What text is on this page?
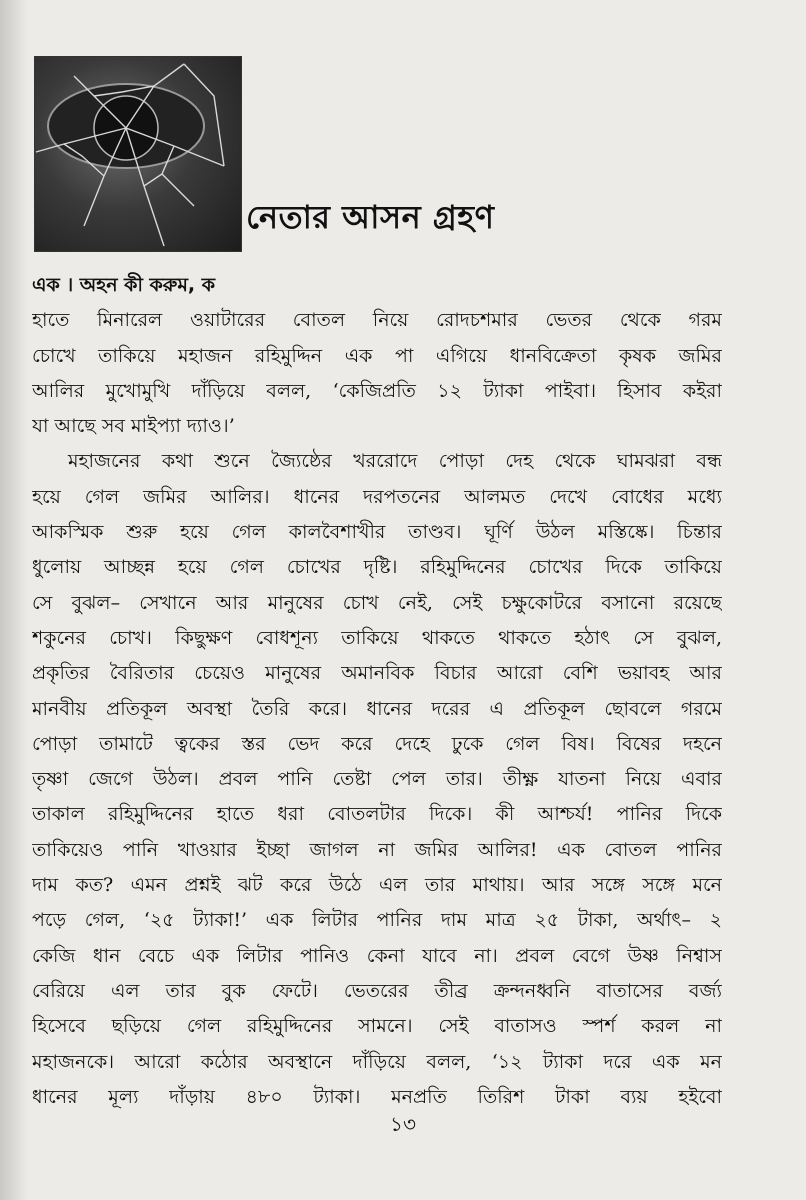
নেতার আসন গ্রহণ
এক ‌। অহন কী করুম, ক
হাতে মিনারেল ওয়াটারের বোতল নিয়ে রোদচশমার ভেতর থেকে গরম
চোখে তাকিয়ে মহাজন রহিমুদ্দিন এক পা এগিয়ে ধানবিক্রেতা কৃষক জমির
আলির মুখোমুখি দাঁড়িয়ে বলল, ‘কেজিপ্রতি ১২ ট্যাকা পাইবা। হিসাব কইরা
যা আছে সব মাইপ্যা দ্যাও।’
মহাজনের কথা শুনে জ্যৈষ্ঠের খররোদে পোড়া দেহ থেকে ঘামঝরা বন্ধ
হয়ে গেল জমির আলির। ধানের দরপতনের আলমত দেখে বোধের মধ্যে
আকস্মিক শুরু হয়ে গেল কালবৈশাখীর তাণ্ডব। ঘূর্ণি উঠল মস্তিষ্কে। চিন্তার
ধুলোয় আচ্ছন্ন হয়ে গেল চোখের দৃষ্টি। রহিমুদ্দিনের চোখের দিকে তাকিয়ে
সে বুঝল– সেখানে আর মানুষের চোখ নেই, সেই চক্ষুকোটরে বসানো রয়েছে
শকুনের চোখ। কিছুক্ষণ বোধশূন্য তাকিয়ে থাকতে থাকতে হঠাৎ সে বুঝল,
প্রকৃতির বৈরিতার চেয়েও মানুষের অমানবিক বিচার আরো বেশি ভয়াবহ আর
মানবীয় প্রতিকূল অবস্থা তৈরি করে। ধানের দরের এ প্রতিকূল ছোবলে গরমে
পোড়া তামাটে ত্বকের স্তর ভেদ করে দেহে ঢুকে গেল বিষ। বিষের দহনে
তৃষ্ণা জেগে উঠল। প্রবল পানি তেষ্টা পেল তার। তীক্ষ্ণ যাতনা নিয়ে এবার
তাকাল রহিমুদ্দিনের হাতে ধরা বোতলটার দিকে। কী আশ্চর্য! পানির দিকে
তাকিয়েও পানি খাওয়ার ইচ্ছা জাগল না জমির আলির! এক বোতল পানির
দাম কত? এমন প্রশ্নই ঝট করে উঠে এল তার মাথায়। আর সঙ্গে সঙ্গে মনে
পড়ে গেল, ‘২৫ ট্যাকা!’ এক লিটার পানির দাম মাত্র ২৫ টাকা, অর্থাৎ– ২
কেজি ধান বেচে এক লিটার পানিও কেনা যাবে না। প্রবল বেগে উষ্ণ নিশ্বাস
বেরিয়ে এল তার বুক ফেটে। ভেতরের তীব্র ক্রন্দনধ্বনি বাতাসের বর্জ্য
হিসেবে ছড়িয়ে গেল রহিমুদ্দিনের সামনে। সেই বাতাসও স্পর্শ করল না
মহাজনকে। আরো কঠোর অবস্থানে দাঁড়িয়ে বলল, ‘১২ ট্যাকা দরে এক মন
ধানের মূল্য দাঁড়ায় ৪৮০ ট্যাকা। মনপ্রতি তিরিশ টাকা ব্যয় হইবো
১৩
